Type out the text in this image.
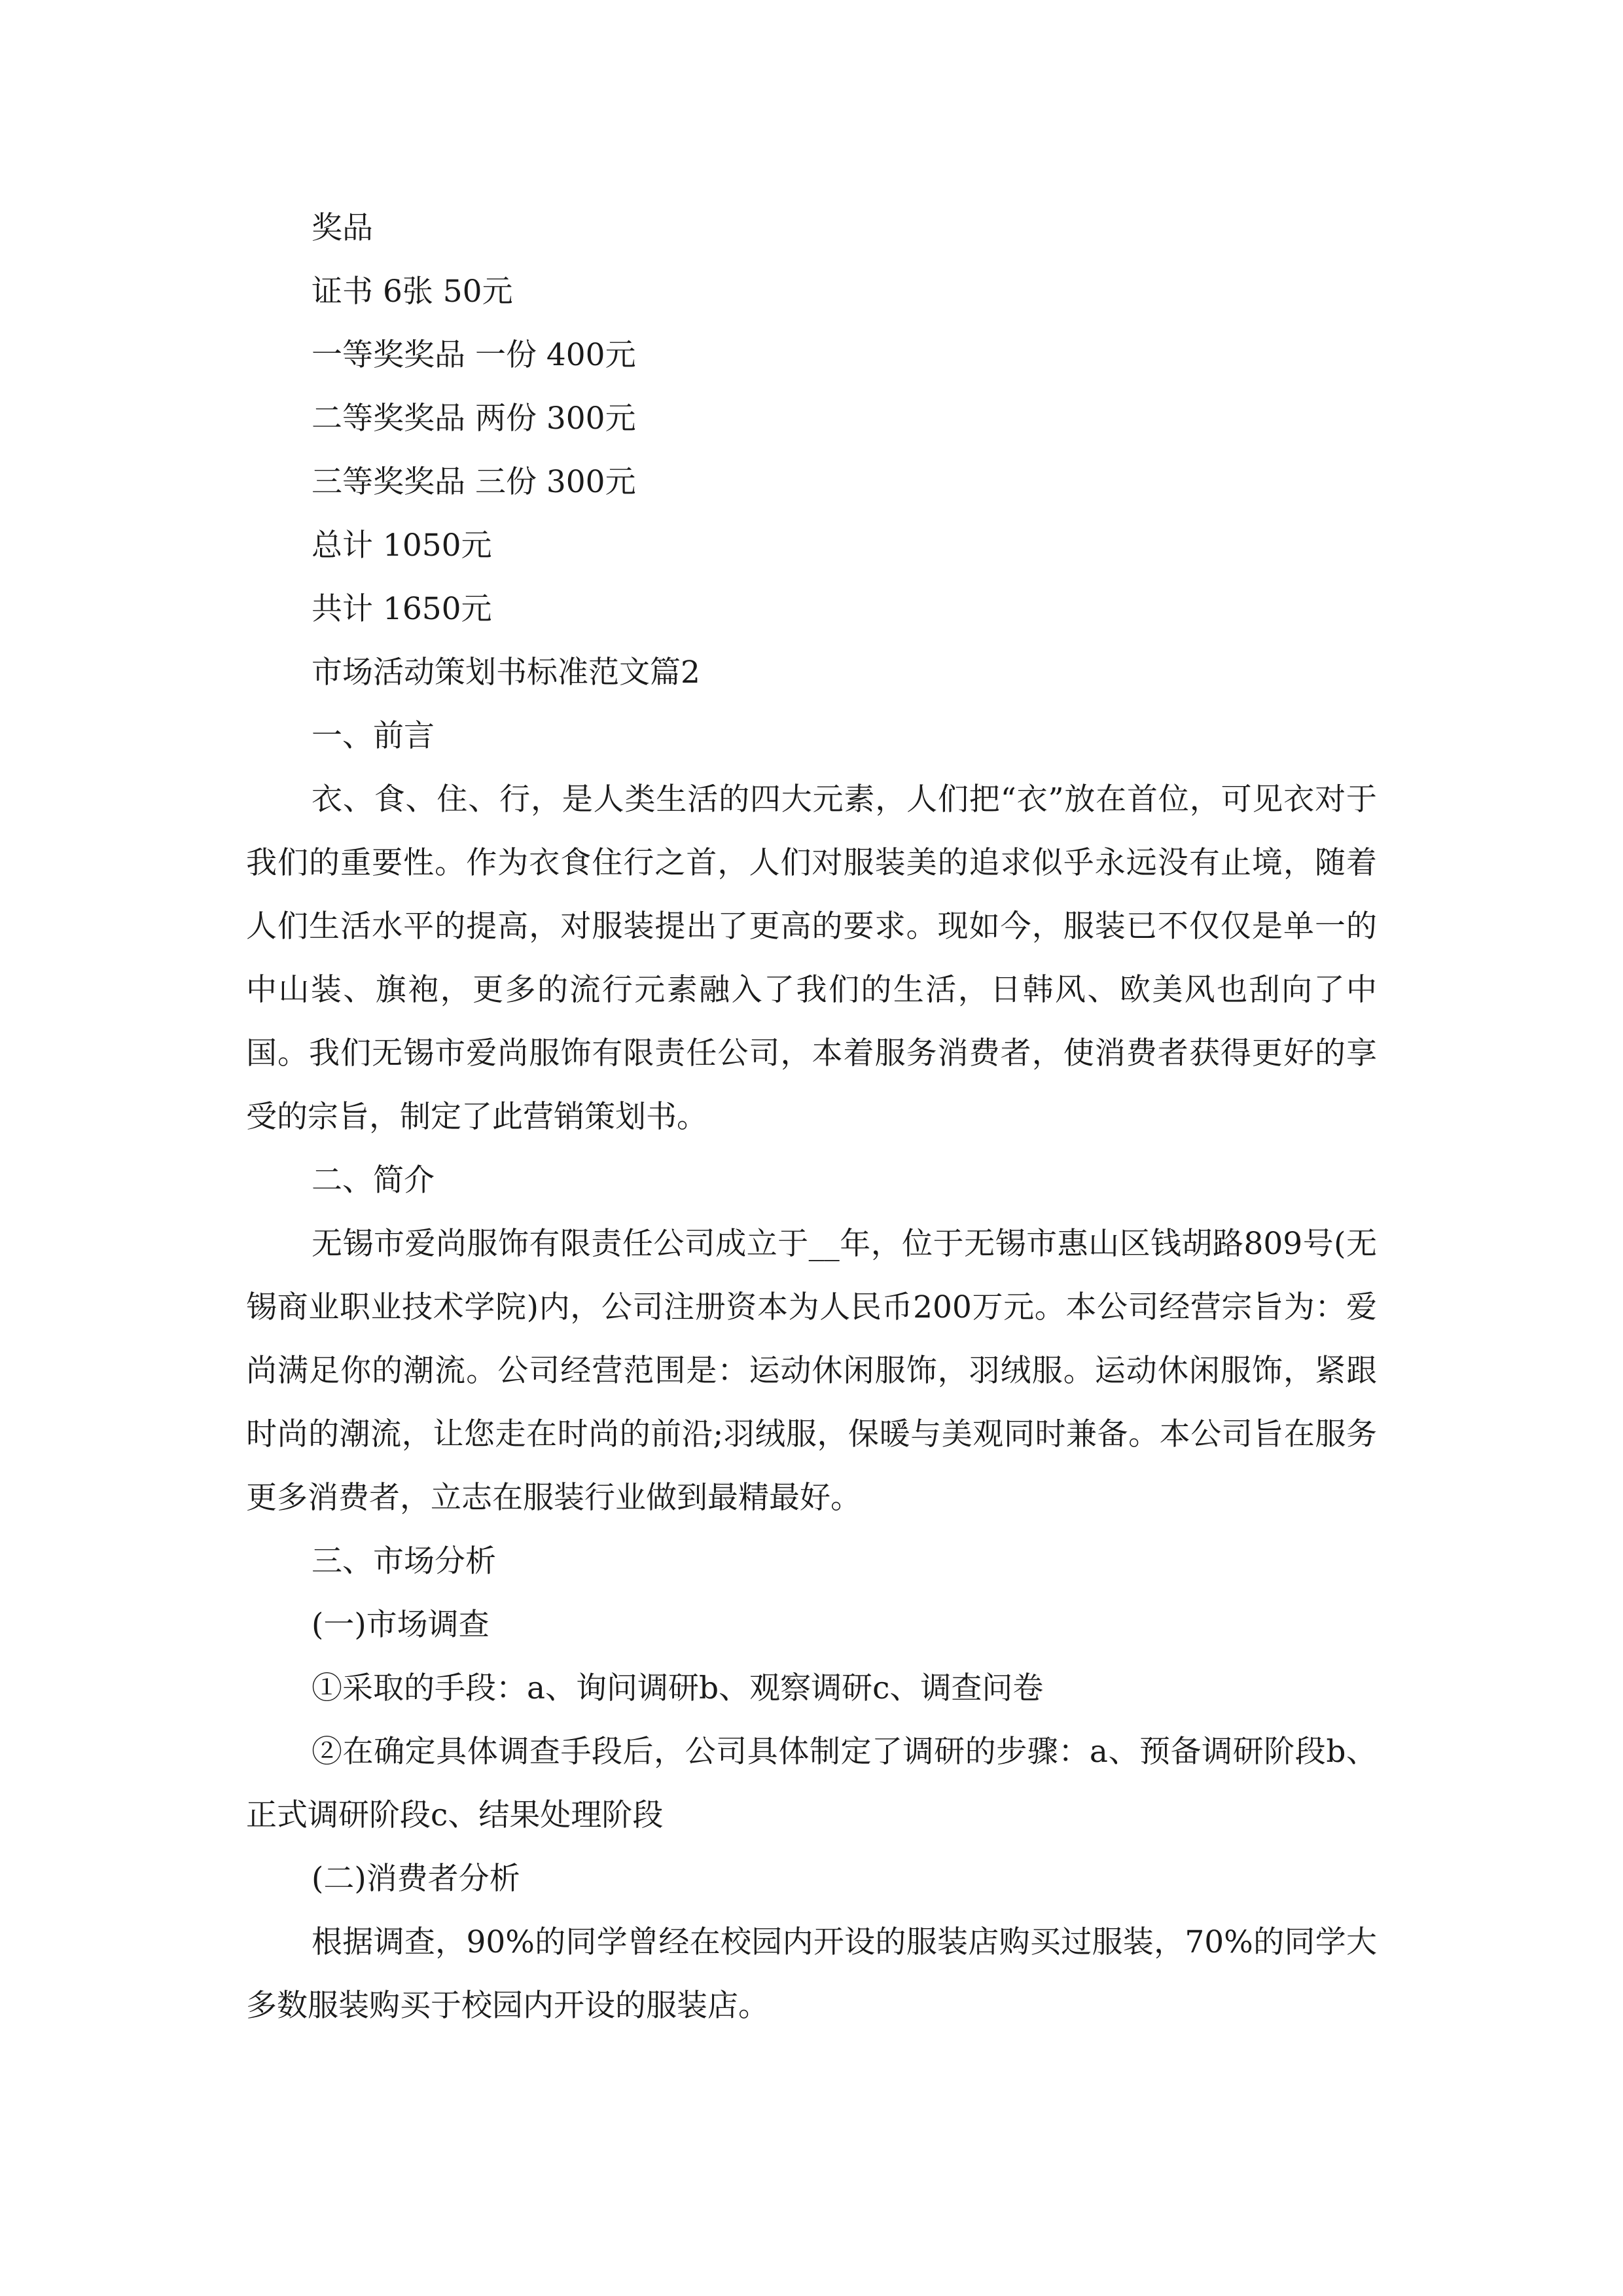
奖品
证书 6张 50元
一等奖奖品 一份 400元
二等奖奖品 两份 300元
三等奖奖品 三份 300元
总计 1050元
共计 1650元
市场活动策划书标准范文篇2
一、前言
衣、食、住、行，是人类生活的四大元素，人们把“衣”放在首位，可见衣对于我们的重要性。作为衣食住行之首，人们对服装美的追求似乎永远没有止境，随着人们生活水平的提高，对服装提出了更高的要求。现如今，服装已不仅仅是单一的中山装、旗袍，更多的流行元素融入了我们的生活，日韩风、欧美风也刮向了中国。我们无锡市爱尚服饰有限责任公司，本着服务消费者，使消费者获得更好的享受的宗旨，制定了此营销策划书。
二、简介
无锡市爱尚服饰有限责任公司成立于__年，位于无锡市惠山区钱胡路809号(无锡商业职业技术学院)内，公司注册资本为人民币200万元。本公司经营宗旨为：爱尚满足你的潮流。公司经营范围是：运动休闲服饰，羽绒服。运动休闲服饰，紧跟时尚的潮流，让您走在时尚的前沿;羽绒服，保暖与美观同时兼备。本公司旨在服务更多消费者，立志在服装行业做到最精最好。
三、市场分析
(一)市场调查
①采取的手段：a、询问调研b、观察调研c、调查问卷
②在确定具体调查手段后，公司具体制定了调研的步骤：a、预备调研阶段b、正式调研阶段c、结果处理阶段
(二)消费者分析
根据调查，90%的同学曾经在校园内开设的服装店购买过服装，70%的同学大多数服装购买于校园内开设的服装店。
